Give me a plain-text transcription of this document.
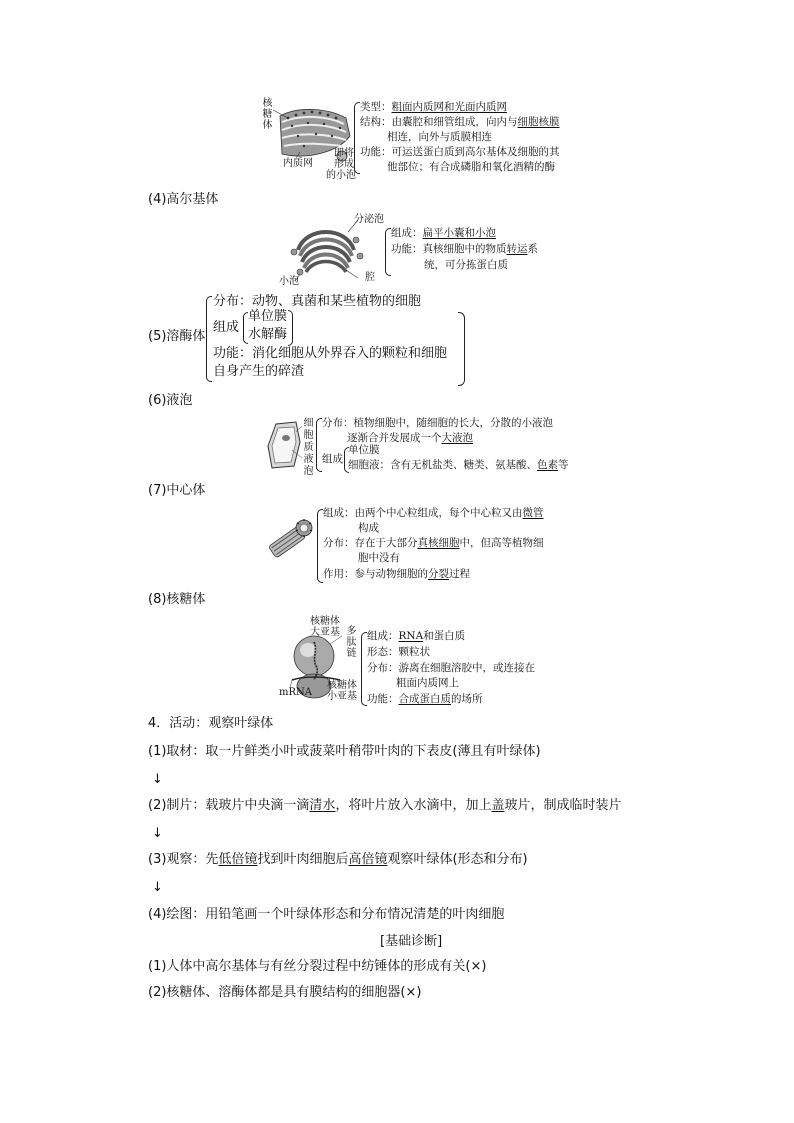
核糖体
内质网
即将
形成
的小泡
类型：粗面内质网和光面内质网
结构：由囊腔和细管组成，向内与细胞核膜
相连，向外与质膜相连
功能：可运送蛋白质到高尔基体及细胞的其
他部位；有合成磷脂和氧化酒精的酶
(4)高尔基体
分泌泡
小泡	腔
组成：扁平小囊和小泡
功能：真核细胞中的物质转运系
统，可分拣蛋白质
(5)溶酶体
分布：动物、真菌和某些植物的细胞
组成
单位膜
水解酶
功能：消化细胞从外界吞入的颗粒和细胞
自身产生的碎渣
(6)液泡
细胞质液泡
分布：植物细胞中，随细胞的长大，分散的小液泡
逐渐合并发展成一个大液泡
组成
单位膜
细胞液：含有无机盐类、糖类、氨基酸、色素等
(7)中心体
组成：由两个中心粒组成，每个中心粒又由微管
构成
分布：存在于大部分真核细胞中，但高等植物细
胞中没有
作用：参与动物细胞的分裂过程
(8)核糖体
核糖体
大亚基 多肽链
mRNA
核糖体
小亚基
组成：RNA和蛋白质
形态：颗粒状
分布：游离在细胞溶胶中，或连接在
粗面内质网上
功能：合成蛋白质的场所
4．活动：观察叶绿体
(1)取材：取一片鲜类小叶或菠菜叶稍带叶肉的下表皮(薄且有叶绿体)
↓
(2)制片：载玻片中央滴一滴清水，将叶片放入水滴中，加上盖玻片，制成临时装片
↓
(3)观察：先低倍镜找到叶肉细胞后高倍镜观察叶绿体(形态和分布)
↓
(4)绘图：用铅笔画一个叶绿体形态和分布情况清楚的叶肉细胞
[基础诊断]
(1)人体中高尔基体与有丝分裂过程中纺锤体的形成有关(×)
(2)核糖体、溶酶体都是具有膜结构的细胞器(×)
